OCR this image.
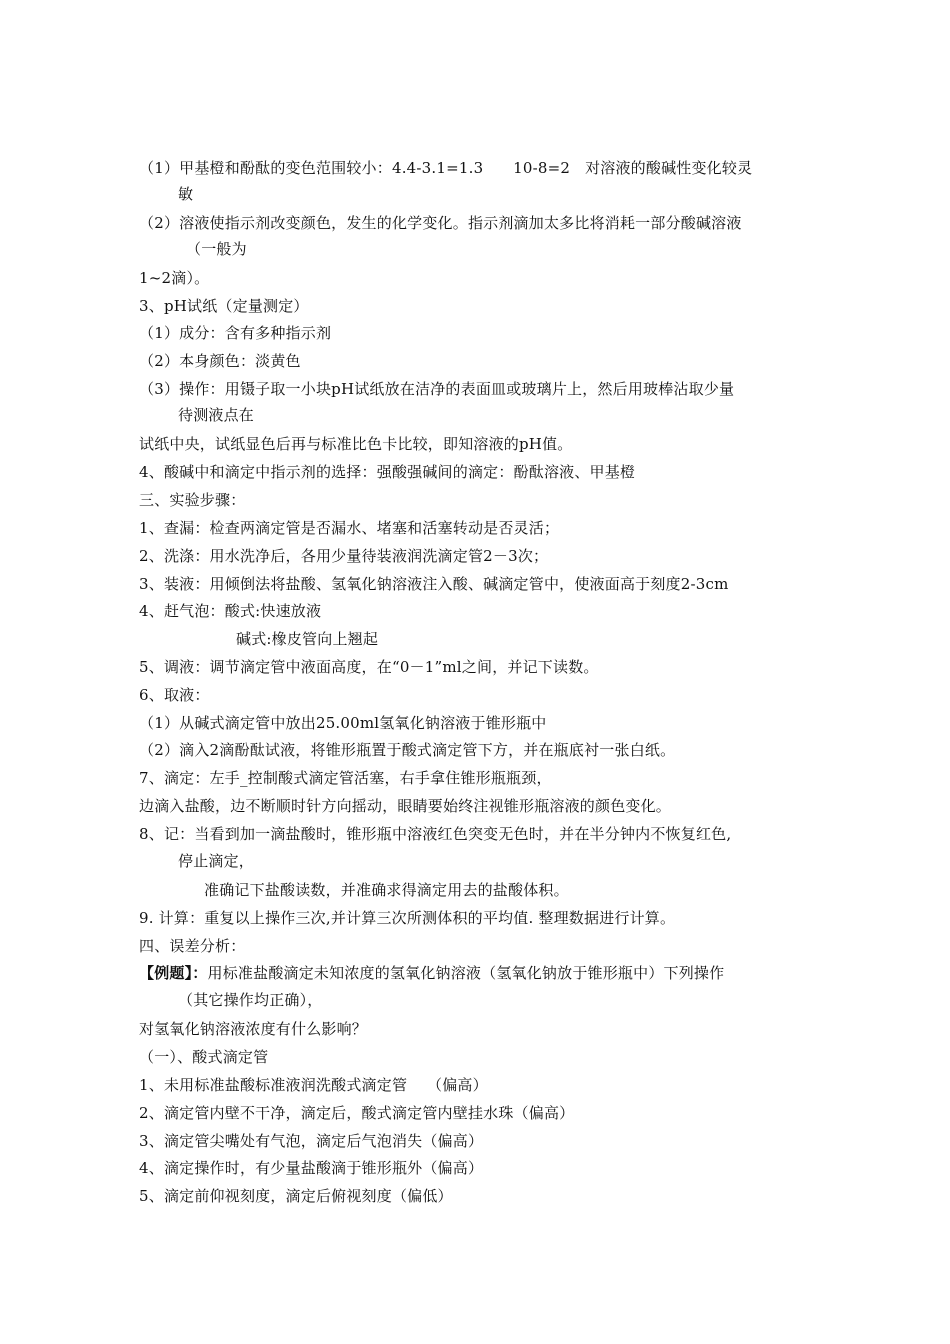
（1）甲基橙和酚酞的变色范围较小：4.4-3.1=1.3      10-8=2   对溶液的酸碱性变化较灵
敏
（2）溶液使指示剂改变颜色，发生的化学变化。指示剂滴加太多比将消耗一部分酸碱溶液
（一般为
1~2滴）。
3、pH试纸（定量测定）
（1）成分：含有多种指示剂
（2）本身颜色：淡黄色
（3）操作：用镊子取一小块pH试纸放在洁净的表面皿或玻璃片上，然后用玻棒沾取少量
待测液点在
试纸中央，试纸显色后再与标准比色卡比较，即知溶液的pH值。
4、酸碱中和滴定中指示剂的选择：强酸强碱间的滴定：酚酞溶液、甲基橙
三、实验步骤：
1、查漏：检查两滴定管是否漏水、堵塞和活塞转动是否灵活；
2、洗涤：用水洗净后，各用少量待装液润洗滴定管2－3次；
3、装液：用倾倒法将盐酸、氢氧化钠溶液注入酸、碱滴定管中，使液面高于刻度2-3cm
4、赶气泡：酸式:快速放液
碱式:橡皮管向上翘起
5、调液：调节滴定管中液面高度，在“0－1”ml之间，并记下读数。
6、取液：
（1）从碱式滴定管中放出25.00ml氢氧化钠溶液于锥形瓶中
（2）滴入2滴酚酞试液，将锥形瓶置于酸式滴定管下方，并在瓶底衬一张白纸。
7、滴定：左手_控制酸式滴定管活塞，右手拿住锥形瓶瓶颈，
边滴入盐酸，边不断顺时针方向摇动，眼睛要始终注视锥形瓶溶液的颜色变化。
8、记：当看到加一滴盐酸时，锥形瓶中溶液红色突变无色时，并在半分钟内不恢复红色,
停止滴定，
准确记下盐酸读数，并准确求得滴定用去的盐酸体积。
9. 计算：重复以上操作三次,并计算三次所测体积的平均值. 整理数据进行计算。
四、误差分析：
【例题】：用标准盐酸滴定未知浓度的氢氧化钠溶液（氢氧化钠放于锥形瓶中）下列操作
（其它操作均正确），
对氢氧化钠溶液浓度有什么影响？
（一）、酸式滴定管
1、未用标准盐酸标准液润洗酸式滴定管    （偏高）
2、滴定管内壁不干净，滴定后，酸式滴定管内壁挂水珠（偏高）
3、滴定管尖嘴处有气泡，滴定后气泡消失（偏高）
4、滴定操作时，有少量盐酸滴于锥形瓶外（偏高）
5、滴定前仰视刻度，滴定后俯视刻度（偏低）
